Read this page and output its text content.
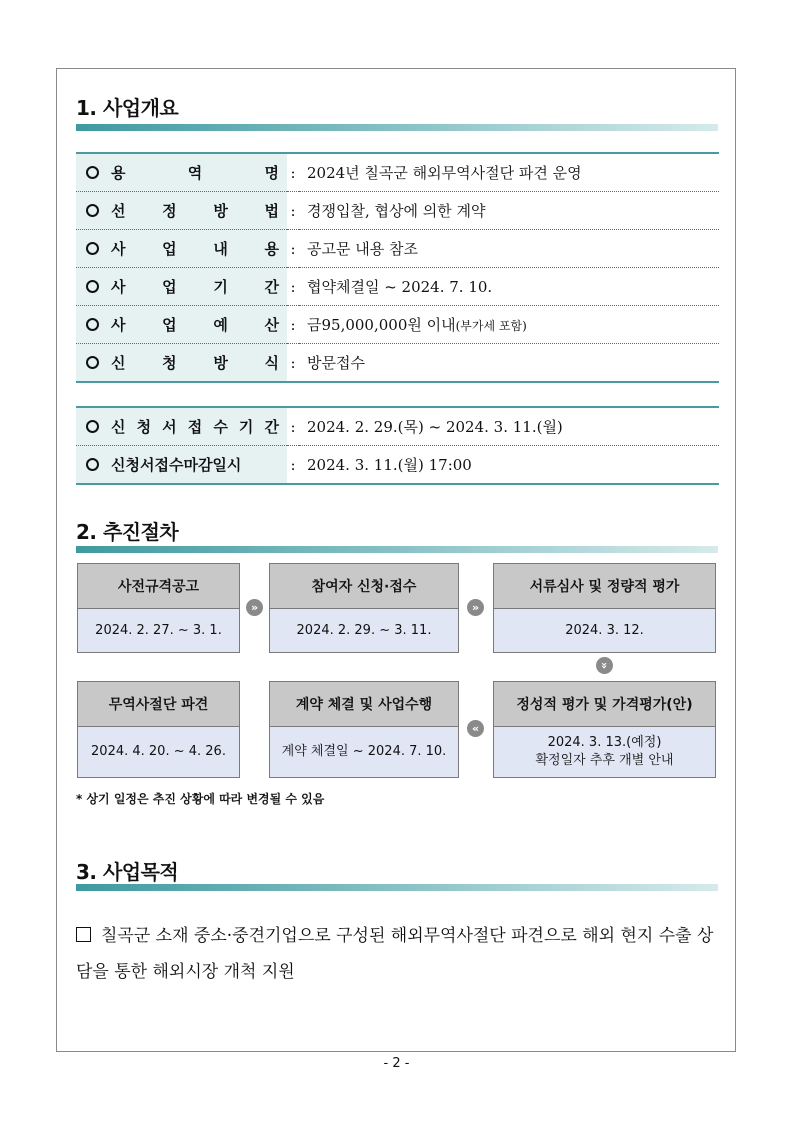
1. 사업개요
용 역 명	:	2024년 칠곡군 해외무역사절단 파견 운영

선 정 방 법	:	경쟁입찰, 협상에 의한 계약

사 업 내 용	:	공고문 내용 참조

사 업 기 간	:	협약체결일 ~ 2024. 7. 10.

사 업 예 산	:	금95,000,000원 이내(부가세 포함)

신 청 방 식	:	방문접수
신 청 서 접 수 기 간	:	2024. 2. 29.(목) ~ 2024. 3. 11.(월)

신청서접수마감일시	:	2024. 3. 11.(월) 17:00
2. 추진절차
사전규격공고
2024. 2. 27. ~ 3. 1.
»
참여자 신청·접수
2024. 2. 29. ~ 3. 11.
»
서류심사 및 정량적 평가
2024. 3. 12.
»
정성적 평가 및 가격평가(안)
2024. 3. 13.(예정)
확정일자 추후 개별 안내
«
계약 체결 및 사업수행
계약 체결일 ~ 2024. 7. 10.
무역사절단 파견
2024. 4. 20. ~ 4. 26.
* 상기 일정은 추진 상황에 따라 변경될 수 있음
3. 사업목적
칠곡군 소재 중소·중견기업으로 구성된 해외무역사절단 파견으로 해외 현지 수출 상담을 통한 해외시장 개척 지원
- 2 -
